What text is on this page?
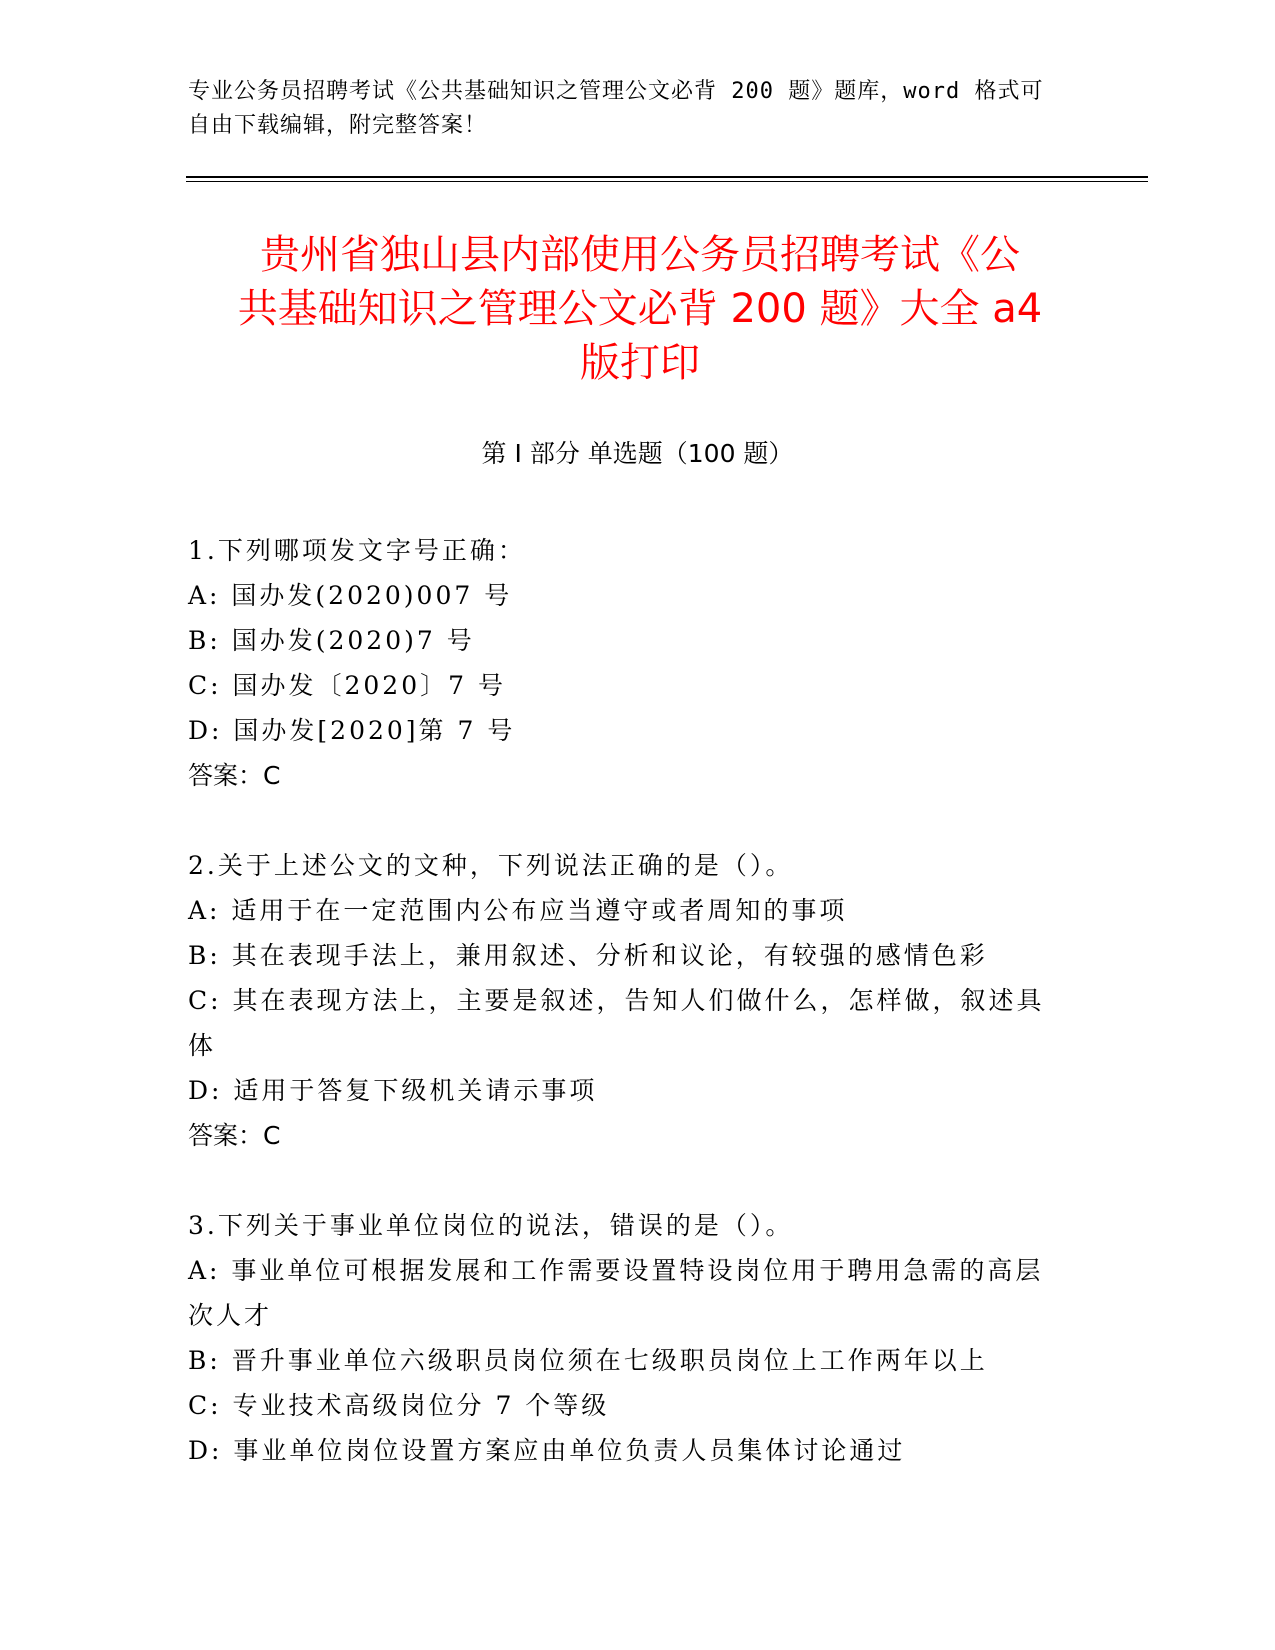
专业公务员招聘考试《公共基础知识之管理公文必背 200 题》题库，word 格式可
自由下载编辑，附完整答案！
贵州省独山县内部使用公务员招聘考试《公
共基础知识之管理公文必背 200 题》大全 a4
版打印
第 I 部分 单选题（100 题）
1.下列哪项发文字号正确：
A: 国办发(2020)007 号
B: 国办发(2020)7 号
C: 国办发〔2020〕7 号
D: 国办发[2020]第 7 号
答案：C
2.关于上述公文的文种，下列说法正确的是（）。
A: 适用于在一定范围内公布应当遵守或者周知的事项
B: 其在表现手法上，兼用叙述、分析和议论，有较强的感情色彩
C: 其在表现方法上，主要是叙述，告知人们做什么，怎样做，叙述具
体
D: 适用于答复下级机关请示事项
答案：C
3.下列关于事业单位岗位的说法，错误的是（）。
A: 事业单位可根据发展和工作需要设置特设岗位用于聘用急需的高层
次人才
B: 晋升事业单位六级职员岗位须在七级职员岗位上工作两年以上
C: 专业技术高级岗位分 7 个等级
D: 事业单位岗位设置方案应由单位负责人员集体讨论通过
